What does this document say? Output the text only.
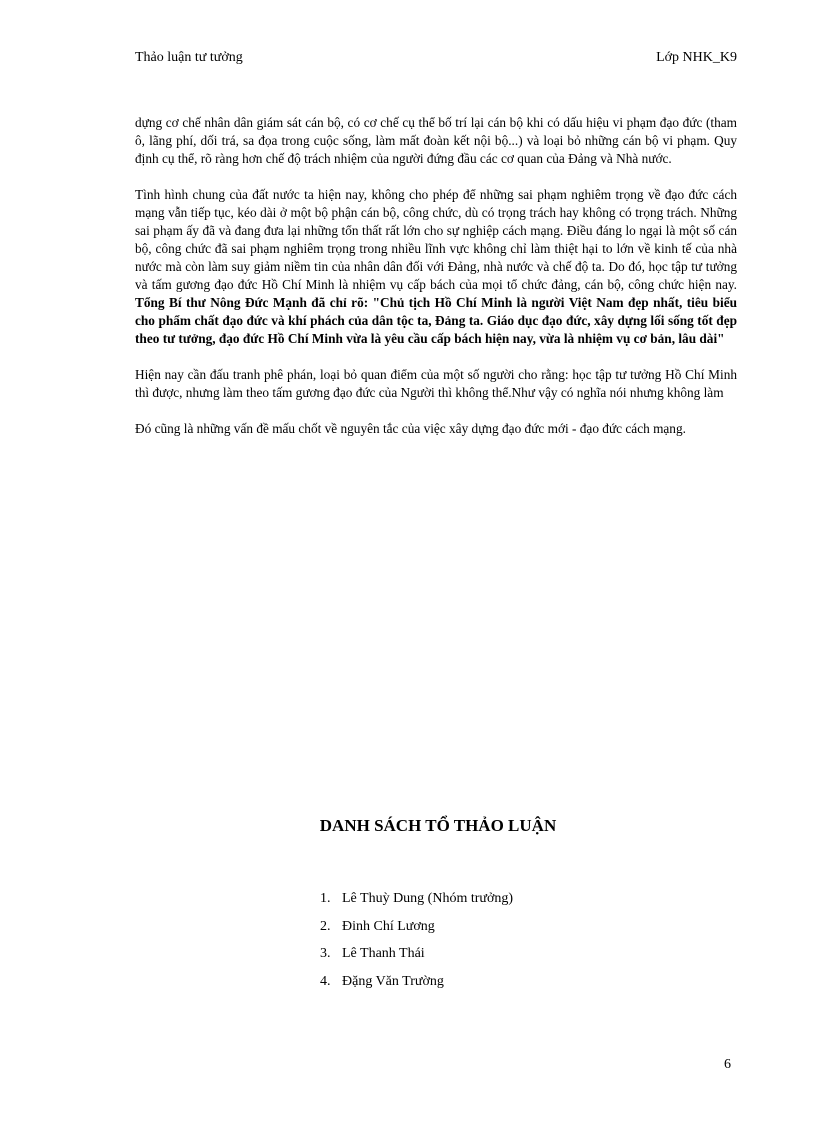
Thảo luận tư tưởng	Lớp NHK_K9

dựng cơ chế nhân dân giám sát cán bộ, có cơ chế cụ thể bố trí lại cán bộ khi có dấu hiệu vi phạm đạo đức (tham ô, lãng phí, dối trá, sa đọa trong cuộc sống, làm mất đoàn kết nội bộ...) và loại bỏ những cán bộ vi phạm. Quy định cụ thể, rõ ràng hơn chế độ trách nhiệm của người đứng đầu các cơ quan của Đảng và Nhà nước.

Tình hình chung của đất nước ta hiện nay, không cho phép để những sai phạm nghiêm trọng về đạo đức cách mạng vẫn tiếp tục, kéo dài ở một bộ phận cán bộ, công chức, dù có trọng trách hay không có trọng trách. Những sai phạm ấy đã và đang đưa lại những tổn thất rất lớn cho sự nghiệp cách mạng. Điều đáng lo ngại là một số cán bộ, công chức đã sai phạm nghiêm trọng trong nhiều lĩnh vực không chỉ làm thiệt hại to lớn về kinh tế của nhà nước mà còn làm suy giảm niềm tin của nhân dân đối với Đảng, nhà nước và chế độ ta. Do đó, học tập tư tưởng và tấm gương đạo đức Hồ Chí Minh là nhiệm vụ cấp bách của mọi tổ chức đảng, cán bộ, công chức hiện nay. Tổng Bí thư Nông Đức Mạnh đã chỉ rõ: "Chủ tịch Hồ Chí Minh là người Việt Nam đẹp nhất, tiêu biểu cho phẩm chất đạo đức và khí phách của dân tộc ta, Đảng ta. Giáo dục đạo đức, xây dựng lối sống tốt đẹp theo tư tưởng, đạo đức Hồ Chí Minh vừa là yêu cầu cấp bách hiện nay, vừa là nhiệm vụ cơ bản, lâu dài"

Hiện nay cần đấu tranh phê phán, loại bỏ quan điểm của một số người cho rằng: học tập tư tưởng Hồ Chí Minh thì được, nhưng làm theo tấm gương đạo đức của Người thì không thể.Như vậy có nghĩa nói nhưng không làm

Đó cũng là những vấn đề mấu chốt về nguyên tắc của việc xây dựng đạo đức mới - đạo đức cách mạng.

DANH SÁCH TỔ THẢO LUẬN
1. Lê Thuỳ Dung (Nhóm trưởng)
2. Đinh Chí Lương
3. Lê Thanh Thái
4. Đặng Văn Trường
6
